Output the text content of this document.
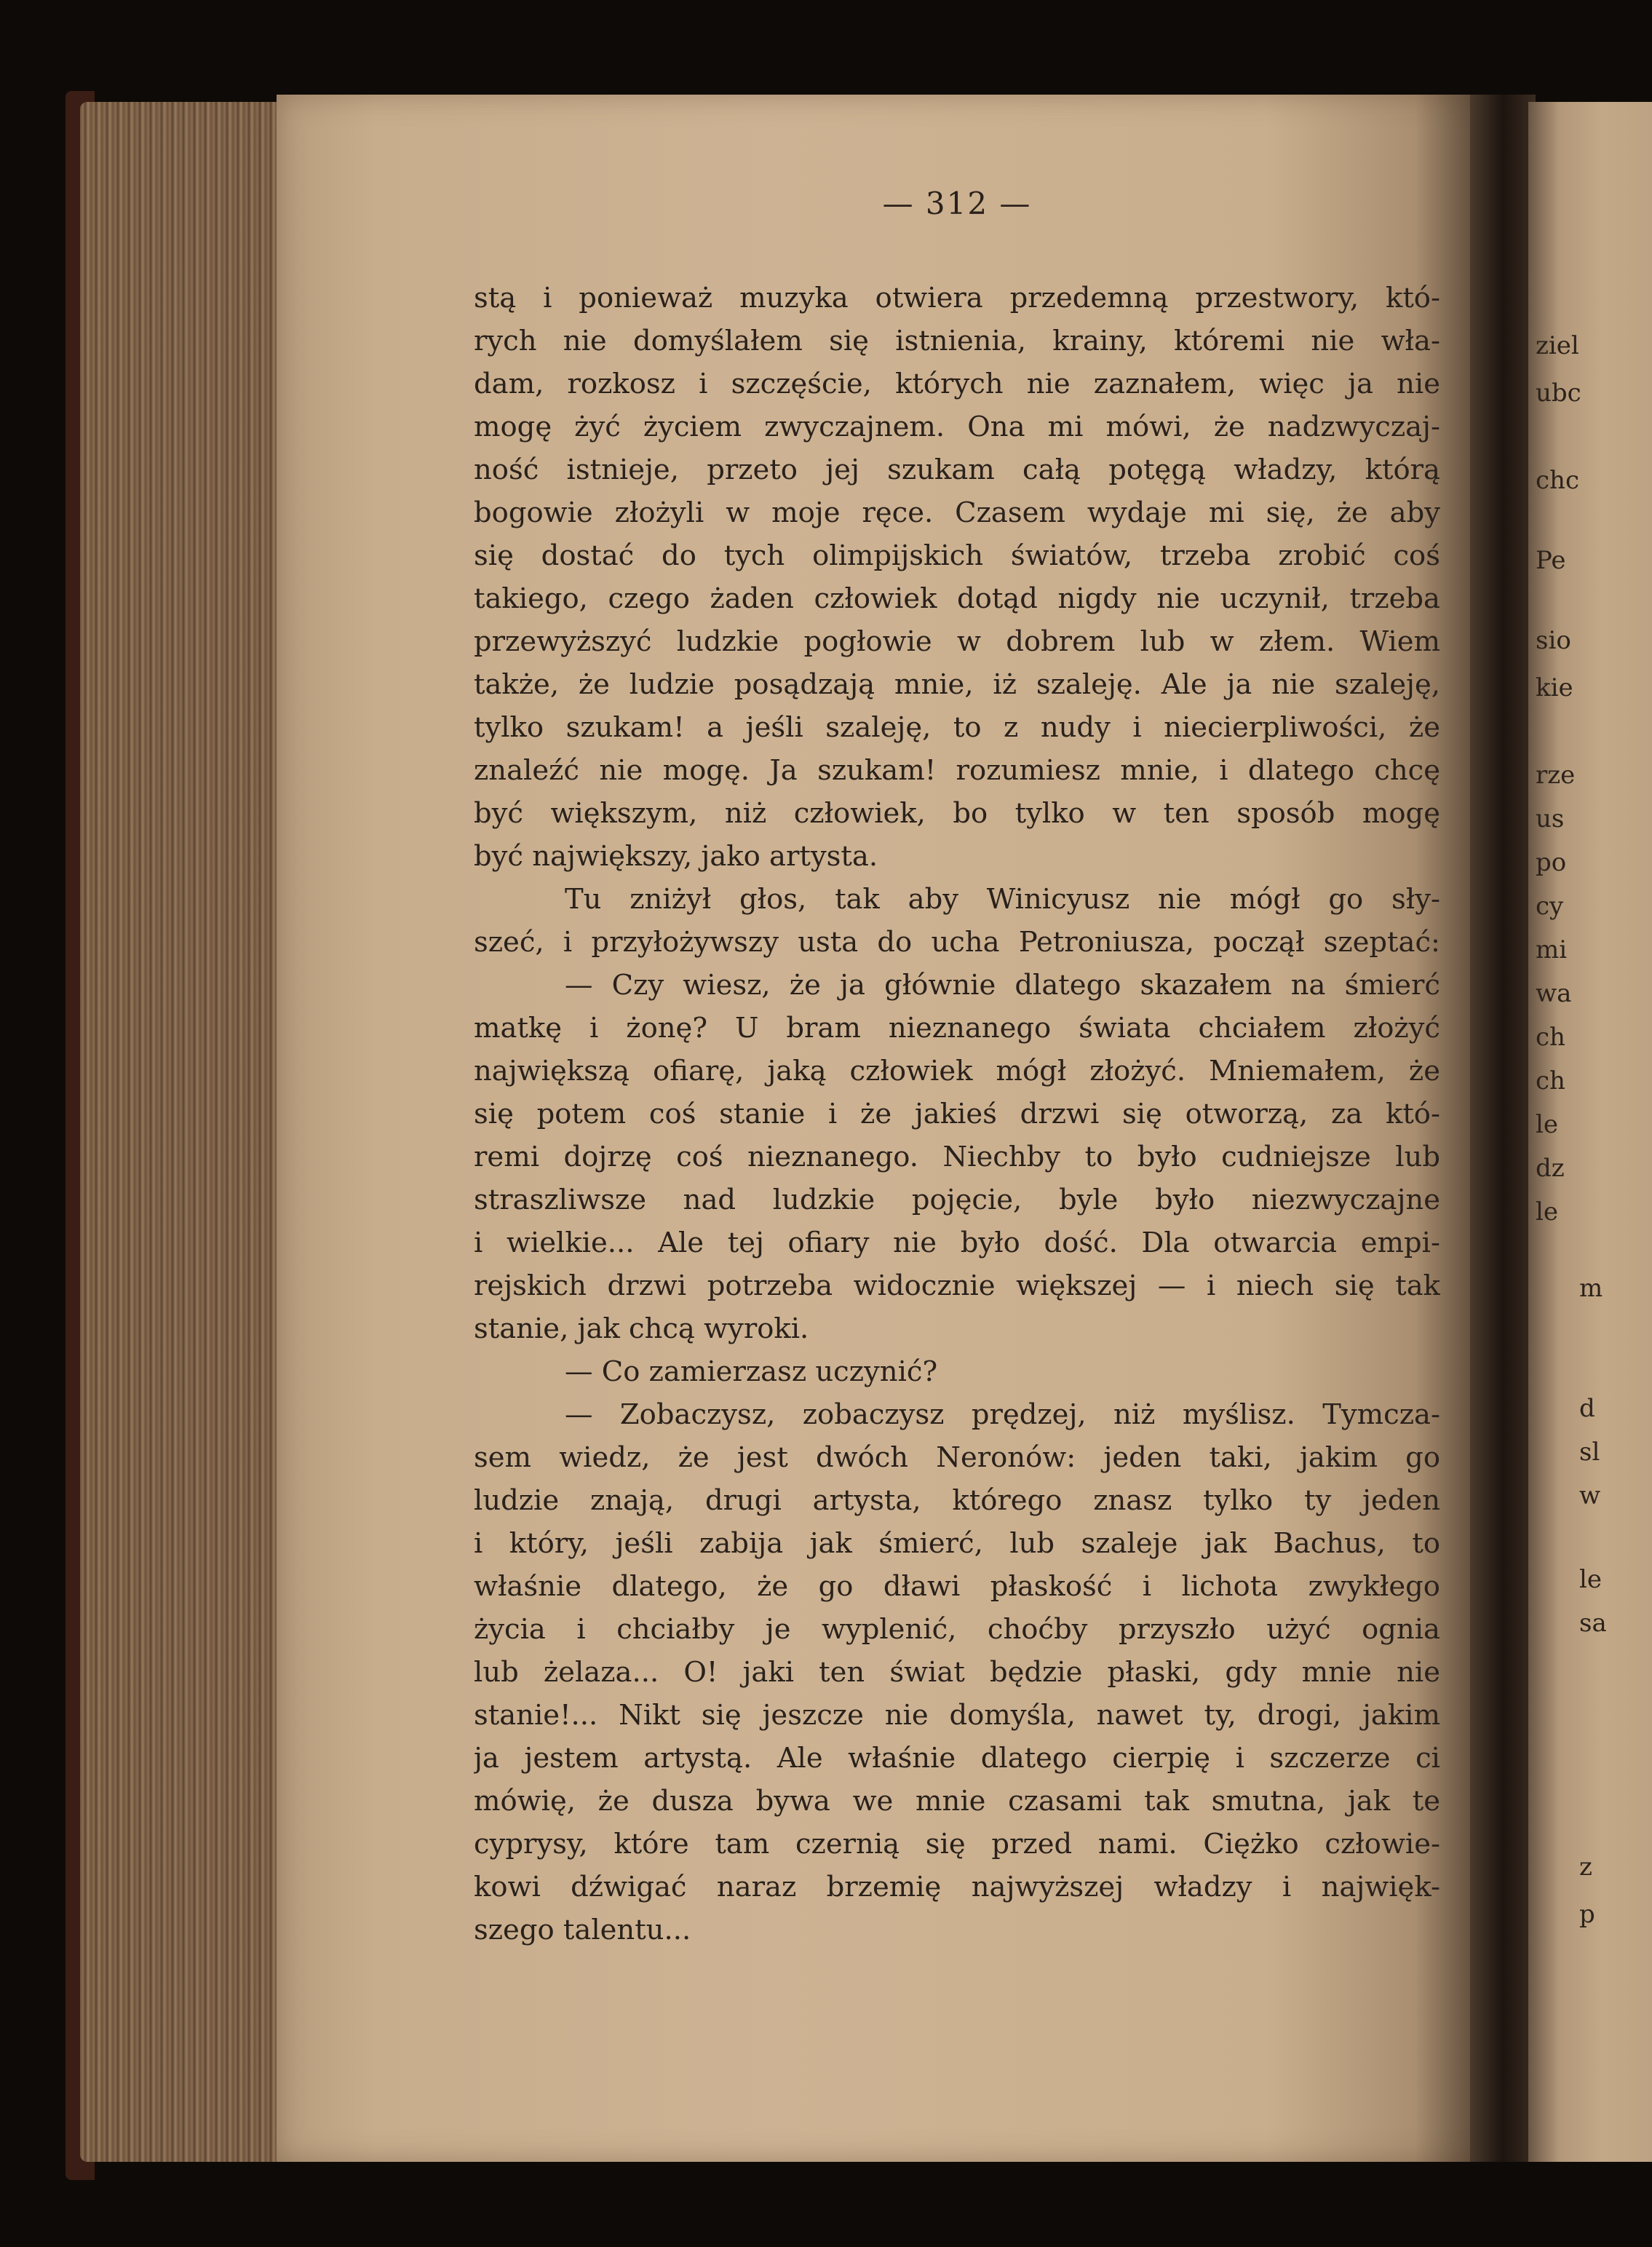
ziel
ubc
chc
Pe
sio
kie
rze
us
po
cy
mi
wa
ch
ch
le
dz
le
m
d
sl
w
le
sa
z
p
— 312 —
stą i ponieważ muzyka otwiera przedemną przestwory, któ-
rych nie domyślałem się istnienia, krainy, któremi nie wła-
dam, rozkosz i szczęście, których nie zaznałem, więc ja nie
mogę żyć życiem zwyczajnem. Ona mi mówi, że nadzwyczaj-
ność istnieje, przeto jej szukam całą potęgą władzy, którą
bogowie złożyli w moje ręce. Czasem wydaje mi się, że aby
się dostać do tych olimpijskich światów, trzeba zrobić coś
takiego, czego żaden człowiek dotąd nigdy nie uczynił, trzeba
przewyższyć ludzkie pogłowie w dobrem lub w złem. Wiem
także, że ludzie posądzają mnie, iż szaleję. Ale ja nie szaleję,
tylko szukam! a jeśli szaleję, to z nudy i niecierpliwości, że
znaleźć nie mogę. Ja szukam! rozumiesz mnie, i dlatego chcę
być większym, niż człowiek, bo tylko w ten sposób mogę
być największy, jako artysta.
Tu zniżył głos, tak aby Winicyusz nie mógł go sły-
szeć, i przyłożywszy usta do ucha Petroniusza, począł szeptać:
— Czy wiesz, że ja głównie dlatego skazałem na śmierć
matkę i żonę? U bram nieznanego świata chciałem złożyć
największą ofiarę, jaką człowiek mógł złożyć. Mniemałem, że
się potem coś stanie i że jakieś drzwi się otworzą, za któ-
remi dojrzę coś nieznanego. Niechby to było cudniejsze lub
straszliwsze nad ludzkie pojęcie, byle było niezwyczajne
i wielkie... Ale tej ofiary nie było dość. Dla otwarcia empi-
rejskich drzwi potrzeba widocznie większej — i niech się tak
stanie, jak chcą wyroki.
— Co zamierzasz uczynić?
— Zobaczysz, zobaczysz prędzej, niż myślisz. Tymcza-
sem wiedz, że jest dwóch Neronów: jeden taki, jakim go
ludzie znają, drugi artysta, którego znasz tylko ty jeden
i który, jeśli zabija jak śmierć, lub szaleje jak Bachus, to
właśnie dlatego, że go dławi płaskość i lichota zwykłego
życia i chciałby je wyplenić, choćby przyszło użyć ognia
lub żelaza... O! jaki ten świat będzie płaski, gdy mnie nie
stanie!... Nikt się jeszcze nie domyśla, nawet ty, drogi, jakim
ja jestem artystą. Ale właśnie dlatego cierpię i szczerze ci
mówię, że dusza bywa we mnie czasami tak smutna, jak te
cyprysy, które tam czernią się przed nami. Ciężko człowie-
kowi dźwigać naraz brzemię najwyższej władzy i najwięk-
szego talentu...
